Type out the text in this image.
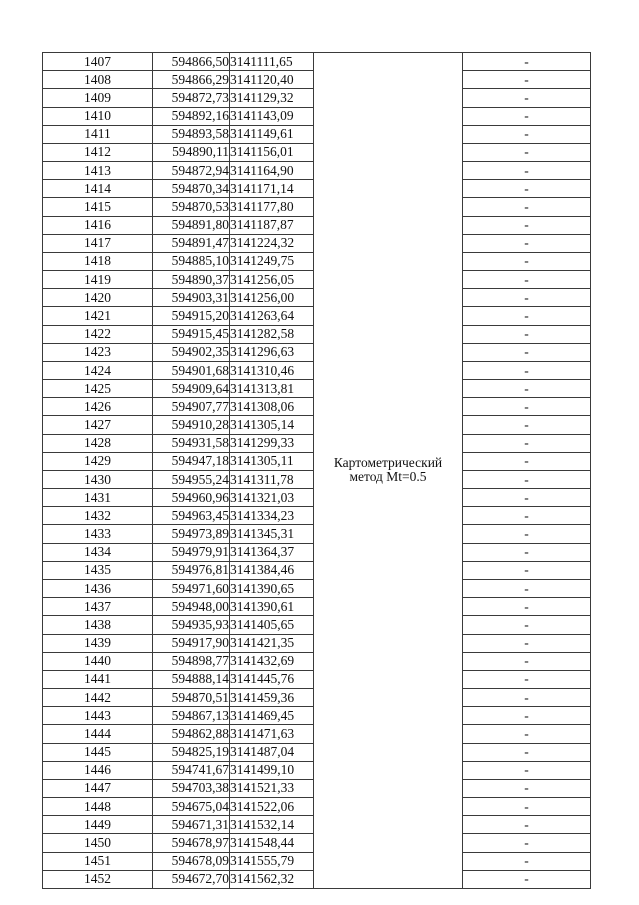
1407	594866,50	3141111,65	Картометрический
метод Mt=0.5	-
1408	594866,29	3141120,40		-
1409	594872,73	3141129,32		-
1410	594892,16	3141143,09		-
1411	594893,58	3141149,61		-
1412	594890,11	3141156,01		-
1413	594872,94	3141164,90		-
1414	594870,34	3141171,14		-
1415	594870,53	3141177,80		-
1416	594891,80	3141187,87		-
1417	594891,47	3141224,32		-
1418	594885,10	3141249,75		-
1419	594890,37	3141256,05		-
1420	594903,31	3141256,00		-
1421	594915,20	3141263,64		-
1422	594915,45	3141282,58		-
1423	594902,35	3141296,63		-
1424	594901,68	3141310,46		-
1425	594909,64	3141313,81		-
1426	594907,77	3141308,06		-
1427	594910,28	3141305,14		-
1428	594931,58	3141299,33		-
1429	594947,18	3141305,11		-
1430	594955,24	3141311,78		-
1431	594960,96	3141321,03		-
1432	594963,45	3141334,23		-
1433	594973,89	3141345,31		-
1434	594979,91	3141364,37		-
1435	594976,81	3141384,46		-
1436	594971,60	3141390,65		-
1437	594948,00	3141390,61		-
1438	594935,93	3141405,65		-
1439	594917,90	3141421,35		-
1440	594898,77	3141432,69		-
1441	594888,14	3141445,76		-
1442	594870,51	3141459,36		-
1443	594867,13	3141469,45		-
1444	594862,88	3141471,63		-
1445	594825,19	3141487,04		-
1446	594741,67	3141499,10		-
1447	594703,38	3141521,33		-
1448	594675,04	3141522,06		-
1449	594671,31	3141532,14		-
1450	594678,97	3141548,44		-
1451	594678,09	3141555,79		-
1452	594672,70	3141562,32		-
